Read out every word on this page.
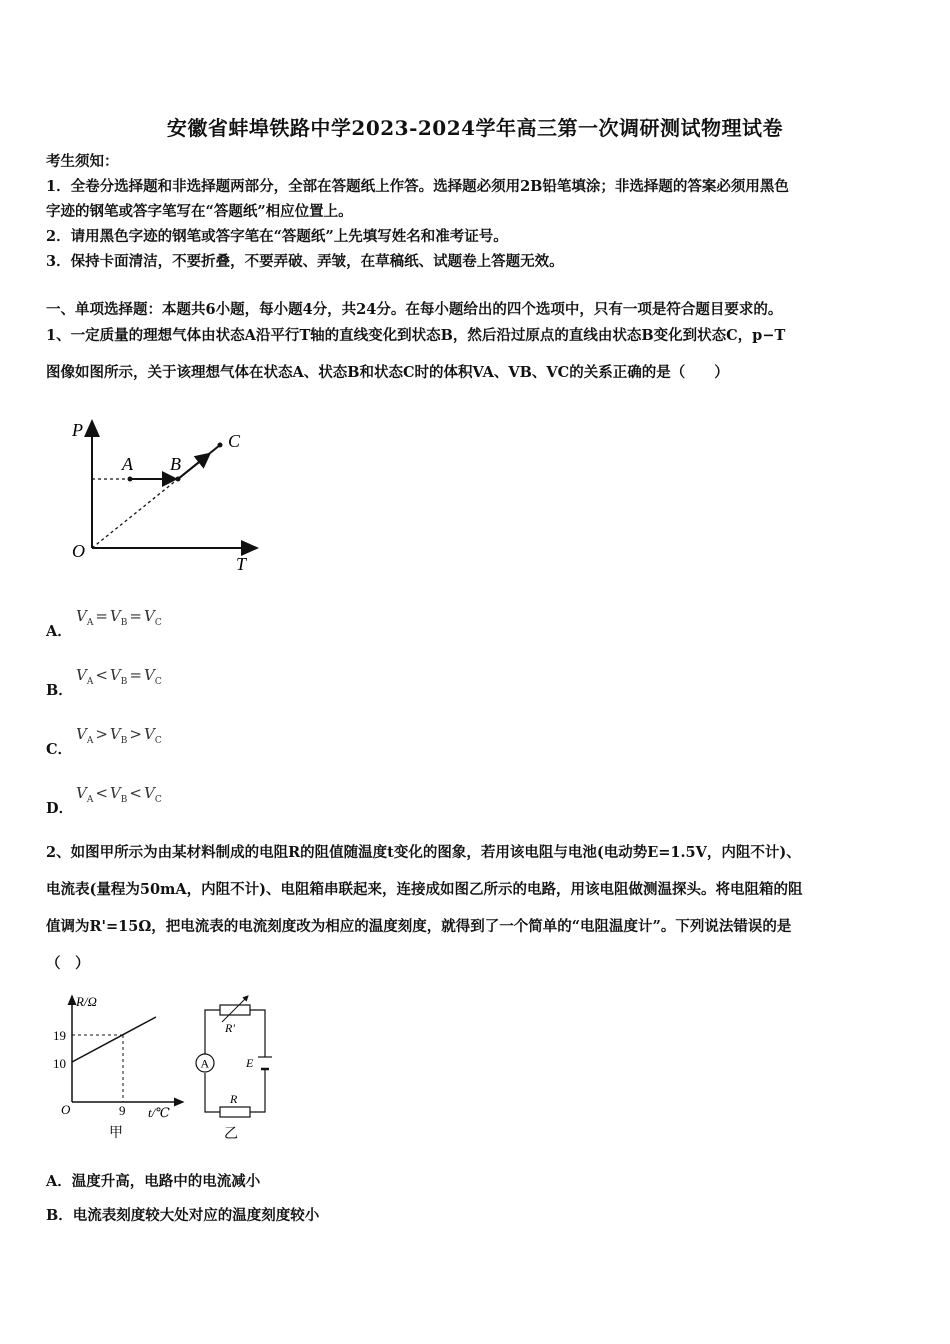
安徽省蚌埠铁路中学2023-2024学年高三第一次调研测试物理试卷
考生须知：
1．全卷分选择题和非选择题两部分，全部在答题纸上作答。选择题必须用2B铅笔填涂；非选择题的答案必须用黑色
字迹的钢笔或答字笔写在“答题纸”相应位置上。
2．请用黑色字迹的钢笔或答字笔在“答题纸”上先填写姓名和准考证号。
3．保持卡面清洁，不要折叠，不要弄破、弄皱，在草稿纸、试题卷上答题无效。
一、单项选择题：本题共6小题，每小题4分，共24分。在每小题给出的四个选项中，只有一项是符合题目要求的。
1、一定质量的理想气体由状态A沿平行T轴的直线变化到状态B，然后沿过原点的直线由状态B变化到状态C，p−T
图像如图所示，关于该理想气体在状态A、状态B和状态C时的体积VA、VB、VC的关系正确的是（　　）
P
T
O
A B
C
A．
$V_A = V_B = V_C$
B．
$V_A < V_B = V_C$
C．
$V_A > V_B > V_C$
D．
$V_A < V_B < V_C$
2、如图甲所示为由某材料制成的电阻R的阻值随温度t变化的图象，若用该电阻与电池(电动势E=1.5V，内阻不计)、
电流表(量程为50mA，内阻不计)、电阻箱串联起来，连接成如图乙所示的电路，用该电阻做测温探头。将电阻箱的阻
值调为R'=15Ω，把电流表的电流刻度改为相应的温度刻度，就得到了一个简单的“电阻温度计”。下列说法错误的是
（　）
R/Ω
t/℃
O
19
10
9
甲
R'
A	E
R
乙
A．温度升高，电路中的电流减小
B．电流表刻度较大处对应的温度刻度较小
